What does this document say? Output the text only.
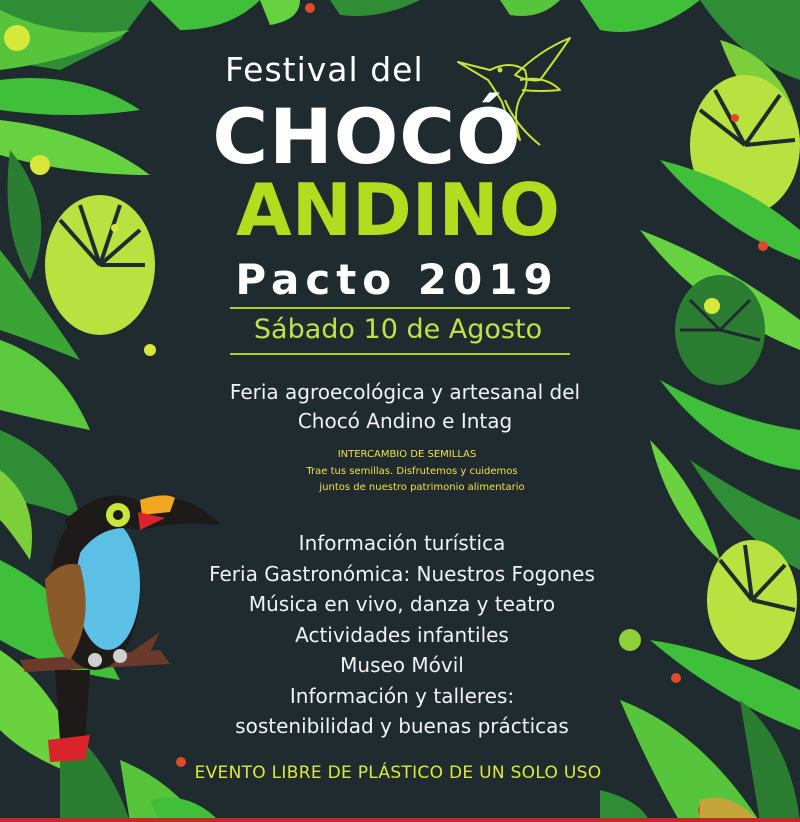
Festival del
CHOCÓ
ANDINO
Pacto 2019
Sábado 10 de Agosto
Feria agroecológica y artesanal del
Chocó Andino e Intag
INTERCAMBIO DE SEMILLAS
Trae tus semillas. Disfrutemos y cuidemos
juntos de nuestro patrimonio alimentario
Información turística
Feria Gastronómica: Nuestros Fogones
Música en vivo, danza y teatro
Actividades infantiles
Museo Móvil
Información y talleres:
sostenibilidad y buenas prácticas
EVENTO LIBRE DE PLÁSTICO DE UN SOLO USO
